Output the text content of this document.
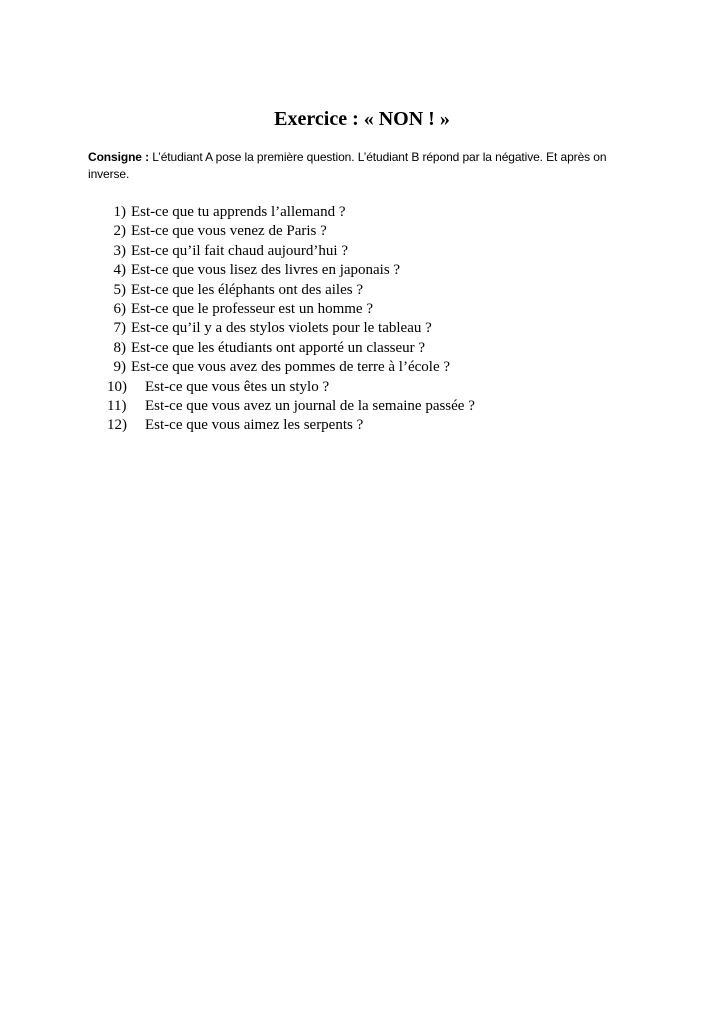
Exercice : « NON ! »

Consigne : L’étudiant A pose la première question. L’étudiant B répond par la négative. Et après on inverse.

1) Est-ce que tu apprends l’allemand ?
2) Est-ce que vous venez de Paris ?
3) Est-ce qu’il fait chaud aujourd’hui ?
4) Est-ce que vous lisez des livres en japonais ?
5) Est-ce que les éléphants ont des ailes ?
6) Est-ce que le professeur est un homme ?
7) Est-ce qu’il y a des stylos violets pour le tableau ?
8) Est-ce que les étudiants ont apporté un classeur ?
9) Est-ce que vous avez des pommes de terre à l’école ?
10) Est-ce que vous êtes un stylo ?
11) Est-ce que vous avez un journal de la semaine passée ?
12) Est-ce que vous aimez les serpents ?
